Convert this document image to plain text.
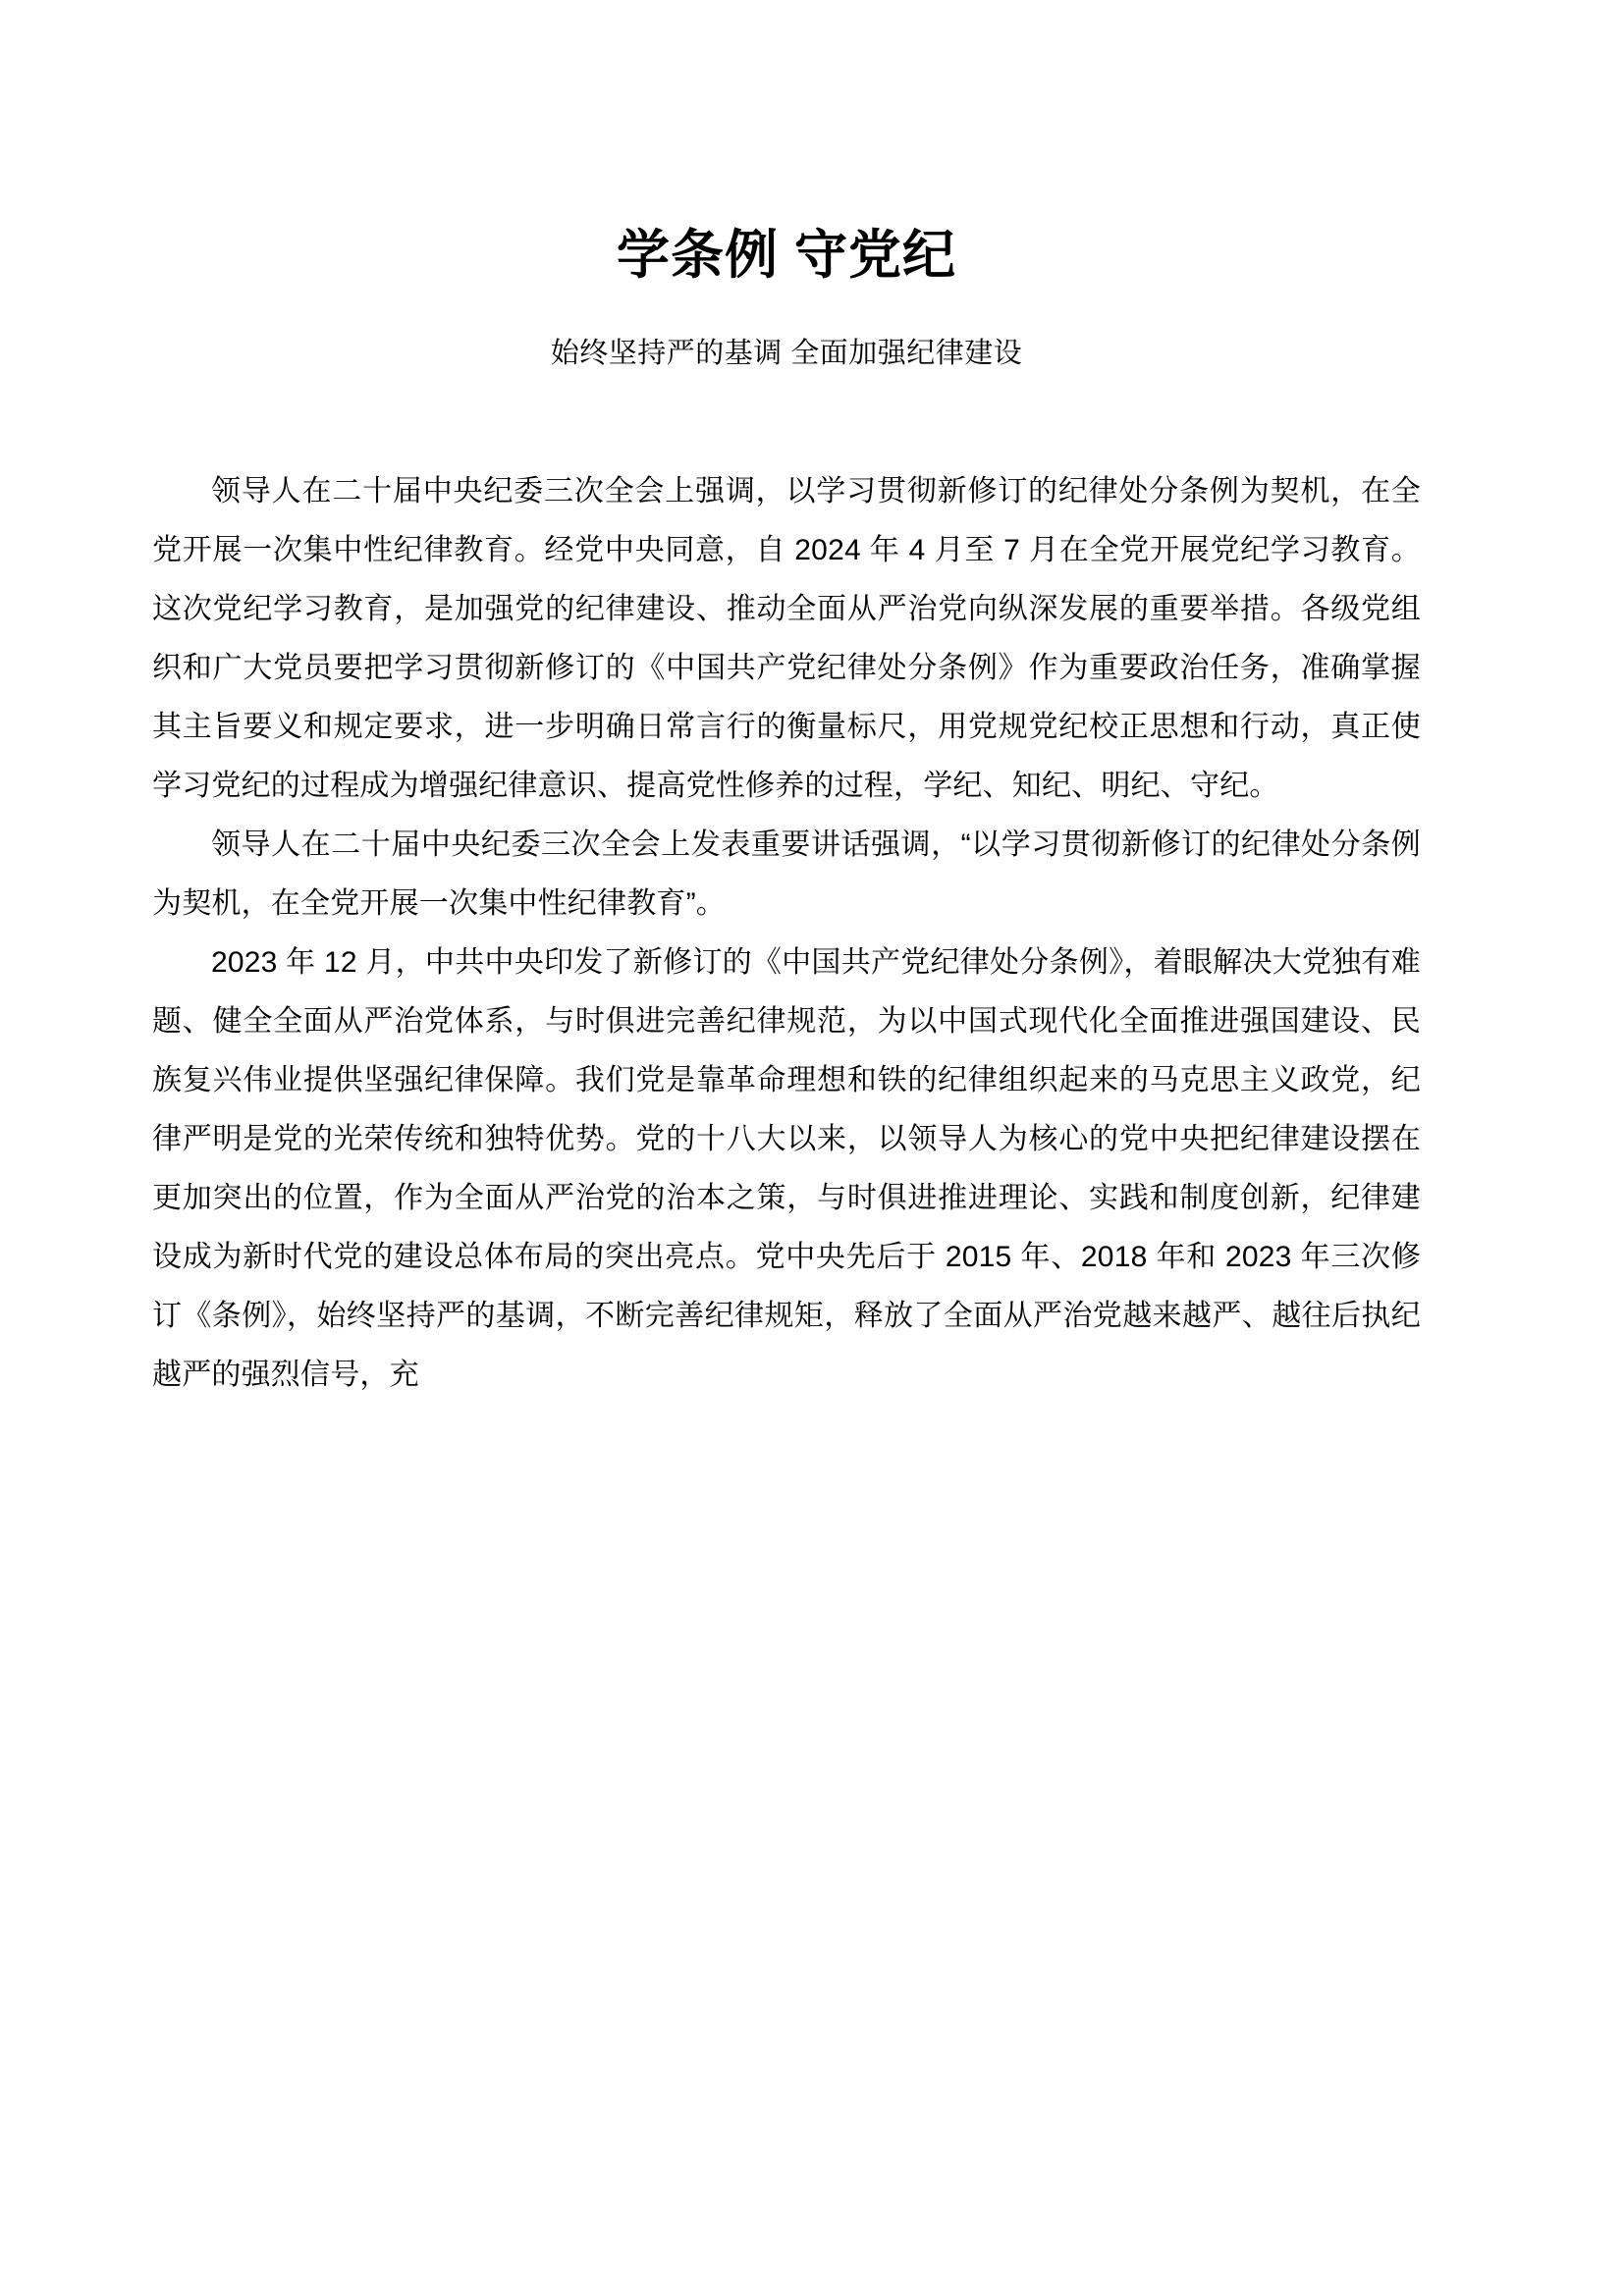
学条例 守党纪
始终坚持严的基调 全面加强纪律建设

领导人在二十届中央纪委三次全会上强调，以学习贯彻新修订的纪律处分条例为契机，在全党开展一次集中性纪律教育。经党中央同意，自 2024 年 4 月至 7 月在全党开展党纪学习教育。这次党纪学习教育，是加强党的纪律建设、推动全面从严治党向纵深发展的重要举措。各级党组织和广大党员要把学习贯彻新修订的《中国共产党纪律处分条例》作为重要政治任务，准确掌握其主旨要义和规定要求，进一步明确日常言行的衡量标尺，用党规党纪校正思想和行动，真正使学习党纪的过程成为增强纪律意识、提高党性修养的过程，学纪、知纪、明纪、守纪。

领导人在二十届中央纪委三次全会上发表重要讲话强调，“以学习贯彻新修订的纪律处分条例为契机，在全党开展一次集中性纪律教育”。

2023 年 12 月，中共中央印发了新修订的《中国共产党纪律处分条例》，着眼解决大党独有难题、健全全面从严治党体系，与时俱进完善纪律规范，为以中国式现代化全面推进强国建设、民族复兴伟业提供坚强纪律保障。我们党是靠革命理想和铁的纪律组织起来的马克思主义政党，纪律严明是党的光荣传统和独特优势。党的十八大以来，以领导人为核心的党中央把纪律建设摆在更加突出的位置，作为全面从严治党的治本之策，与时俱进推进理论、实践和制度创新，纪律建设成为新时代党的建设总体布局的突出亮点。党中央先后于 2015 年、2018 年和 2023 年三次修订《条例》，始终坚持严的基调，不断完善纪律规矩，释放了全面从严治党越来越严、越往后执纪越严的强烈信号，充
